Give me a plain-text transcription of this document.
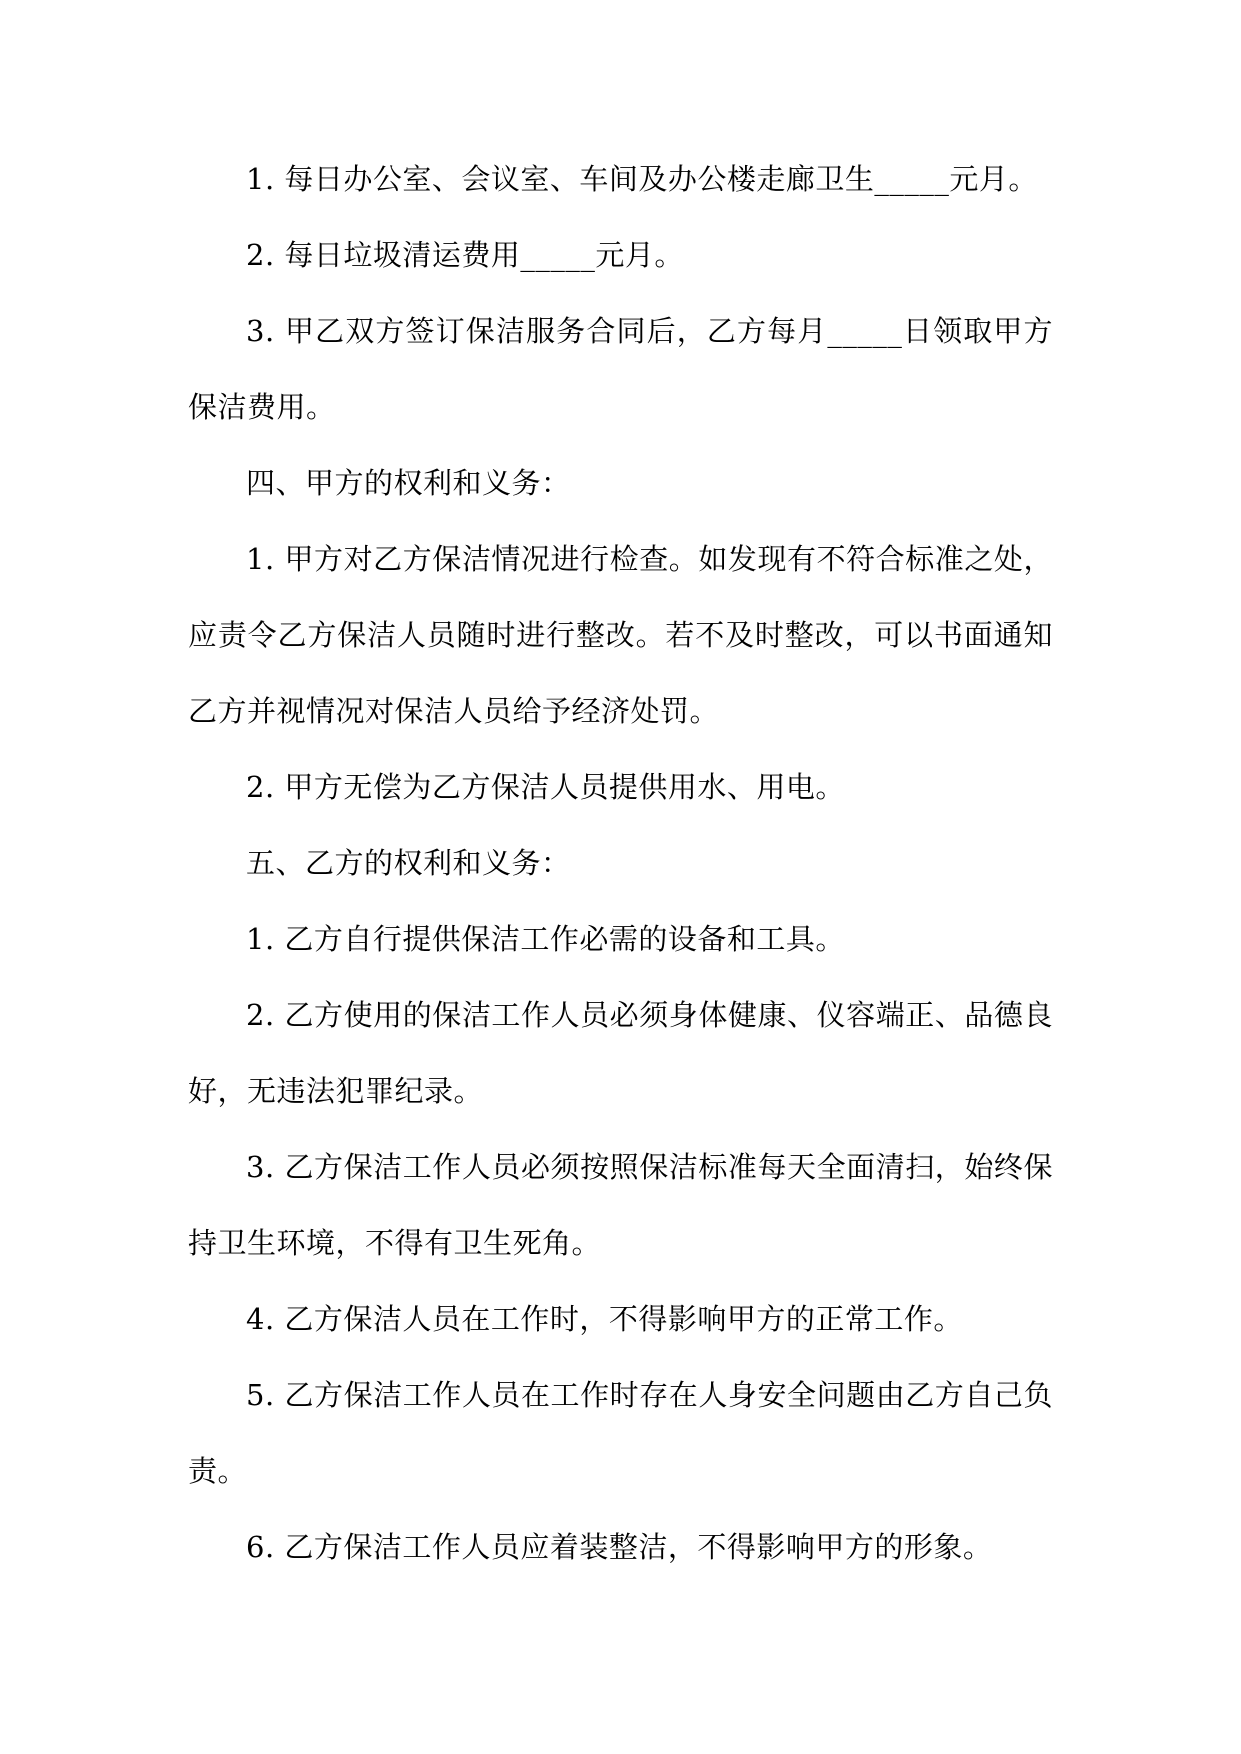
1. 每日办公室、会议室、车间及办公楼走廊卫生_____元月。

2. 每日垃圾清运费用_____元月。

3. 甲乙双方签订保洁服务合同后，乙方每月_____日领取甲方保洁费用。

四、甲方的权利和义务：

1. 甲方对乙方保洁情况进行检查。如发现有不符合标准之处，应责令乙方保洁人员随时进行整改。若不及时整改，可以书面通知乙方并视情况对保洁人员给予经济处罚。

2. 甲方无偿为乙方保洁人员提供用水、用电。

五、乙方的权利和义务：

1. 乙方自行提供保洁工作必需的设备和工具。

2. 乙方使用的保洁工作人员必须身体健康、仪容端正、品德良好，无违法犯罪纪录。

3. 乙方保洁工作人员必须按照保洁标准每天全面清扫，始终保持卫生环境，不得有卫生死角。

4. 乙方保洁人员在工作时，不得影响甲方的正常工作。

5. 乙方保洁工作人员在工作时存在人身安全问题由乙方自己负责。

6. 乙方保洁工作人员应着装整洁，不得影响甲方的形象。
